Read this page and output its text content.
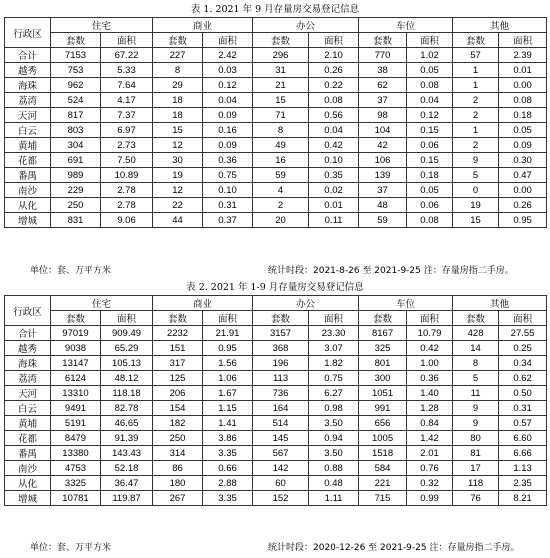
表 1. 2021 年 9 月存量房交易登记信息
行政区	住宅		商业		办公		车位		其他	
	套数	面积	套数	面积	套数	面积	套数	面积	套数	面积
合计	7153	67.22	227	2.42	296	2.10	770	1.02	57	2.39
越秀	753	5.33	8	0.03	31	0.26	38	0.05	1	0.01
海珠	962	7.64	29	0.12	21	0.22	62	0.08	1	0.00
荔湾	524	4.17	18	0.04	15	0.08	37	0.04	2	0.08
天河	817	7.37	18	0.09	71	0.56	98	0.12	2	0.18
白云	803	6.97	15	0.16	8	0.04	104	0.15	1	0.05
黄埔	304	2.73	12	0.09	49	0.42	42	0.06	2	0.09
花都	691	7.50	30	0.36	16	0.10	106	0.15	9	0.30
番禺	989	10.89	19	0.75	59	0.35	139	0.18	5	0.47
南沙	229	2.78	12	0.10	4	0.02	37	0.05	0	0.00
从化	250	2.78	22	0.31	2	0.01	48	0.06	19	0.26
增城	831	9.06	44	0.37	20	0.11	59	0.08	15	0.95
单位：套、万平方米	统计时段：2021-8-26 至 2021-9-25 注：存量房指二手房。
表 2. 2021 年 1-9 月存量房交易登记信息
行政区	住宅		商业		办公		车位		其他	
	套数	面积	套数	面积	套数	面积	套数	面积	套数	面积
合计	97019	909.49	2232	21.91	3157	23.30	8167	10.79	428	27.55
越秀	9038	65.29	151	0.95	368	3.07	325	0.42	14	0.25
海珠	13147	105.13	317	1.56	196	1.82	801	1.00	8	0.34
荔湾	6124	48.12	125	1.06	113	0.75	300	0.36	5	0.62
天河	13310	118.18	206	1.67	736	6.27	1051	1.40	11	0.50
白云	9491	82.78	154	1.15	164	0.98	991	1.28	9	0.31
黄埔	5191	46.65	182	1.41	514	3.50	656	0.84	9	0.57
花都	8479	91.39	250	3.86	145	0.94	1005	1.42	80	6.60
番禺	13380	143.43	314	3.35	567	3.50	1518	2.01	81	6.66
南沙	4753	52.18	86	0.66	142	0.88	584	0.76	17	1.13
从化	3325	36.47	180	2.88	60	0.48	221	0.32	118	2.35
增城	10781	119.87	267	3.35	152	1.11	715	0.99	76	8.21
单位：套、万平方米	统计时段：2020-12-26 至 2021-9-25 注：存量房指二手房。
